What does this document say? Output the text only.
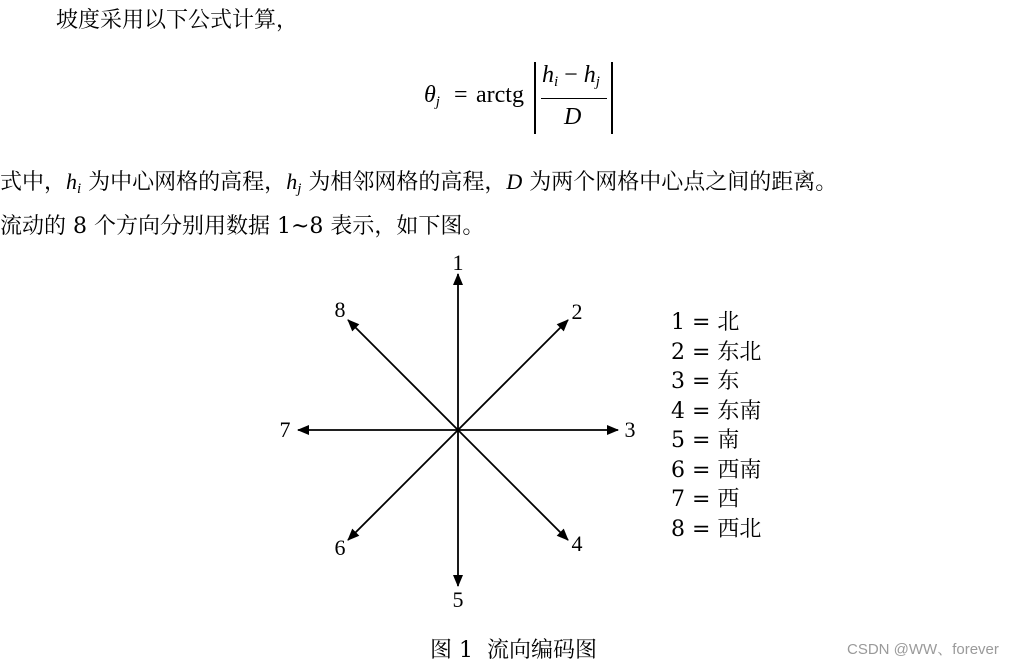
坡度采用以下公式计算，
$\theta_j$ = arctg
$h_i - h_j$
D
式中，$h_i$ 为中心网格的高程，$h_j$ 为相邻网格的高程，D 为两个网格中心点之间的距离。
流动的 8 个方向分别用数据 1~8 表示，如下图。
1
2
3
4
5
6
7
8
1 = 北
2 = 东北
3 = 东
4 = 东南
5 = 南
6 = 西南
7 = 西
8 = 西北
图 1  流向编码图	CSDN @WW、forever
